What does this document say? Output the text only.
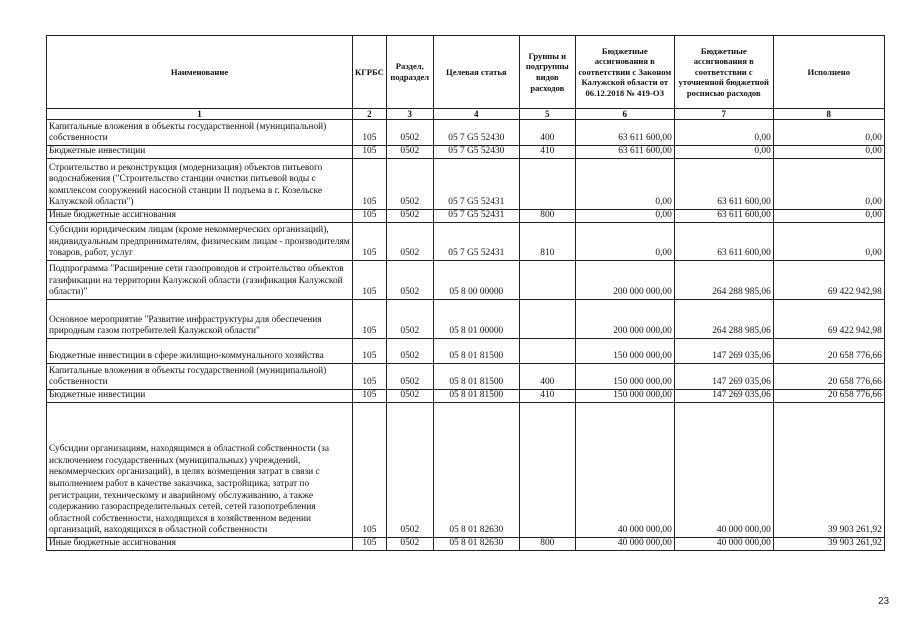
Наименование	КГРБС	Раздел, подраздел	Целевая статья	Группы и подгруппы видов расходов	Бюджетные ассигнования в соответствии с Законом Калужской области от 06.12.2018 № 419-ОЗ	Бюджетные ассигнования в соответствии с уточненной бюджетной росписью расходов	Исполнено
1	2	3	4	5	6	7	8
Капитальные вложения в объекты государственной (муниципальной) собственности	105	0502	05 7 G5 52430	400	63 611 600,00	0,00	0,00
Бюджетные инвестиции	105	0502	05 7 G5 52430	410	63 611 600,00	0,00	0,00
Строительство и реконструкция (модернизация) объектов питьевого водоснабжения ("Строительство станции очистки питьевой воды с комплексом сооружений насосной станции II подъема в г. Козельске Калужской области")	105	0502	05 7 G5 52431		0,00	63 611 600,00	0,00
Иные бюджетные ассигнования	105	0502	05 7 G5 52431	800	0,00	63 611 600,00	0,00
Субсидии юридическим лицам (кроме некоммерческих организаций), индивидуальным предпринимателям, физическим лицам - производителям товаров, работ, услуг	105	0502	05 7 G5 52431	810	0,00	63 611 600,00	0,00
Подпрограмма "Расширение сети газопроводов и строительство объектов газификации на территории Калужской области (газификация Калужской области)"	105	0502	05 8 00 00000		200 000 000,00	264 288 985,06	69 422 942,98
Основное мероприятие "Развитие инфраструктуры для обеспечения природным газом потребителей Калужской области"	105	0502	05 8 01 00000		200 000 000,00	264 288 985,06	69 422 942,98
Бюджетные инвестиции в сфере жилищно-коммунального хозяйства	105	0502	05 8 01 81500		150 000 000,00	147 269 035,06	20 658 776,66
Капитальные вложения в объекты государственной (муниципальной) собственности	105	0502	05 8 01 81500	400	150 000 000,00	147 269 035,06	20 658 776,66
Бюджетные инвестиции	105	0502	05 8 01 81500	410	150 000 000,00	147 269 035,06	20 658 776,66
Субсидии организациям, находящимся в областной собственности (за исключением государственных (муниципальных) учреждений, некоммерческих организаций), в целях возмещения затрат в связи с выполнением работ в качестве заказчика, застройщика, затрат по регистрации, техническому и аварийному обслуживанию, а также содержанию газораспределительных сетей, сетей газопотребления областной собственности, находящихся в хозяйственном ведении организаций, находящихся в областной собственности	105	0502	05 8 01 82630		40 000 000,00	40 000 000,00	39 903 261,92
Иные бюджетные ассигнования	105	0502	05 8 01 82630	800	40 000 000,00	40 000 000,00	39 903 261,92
23
